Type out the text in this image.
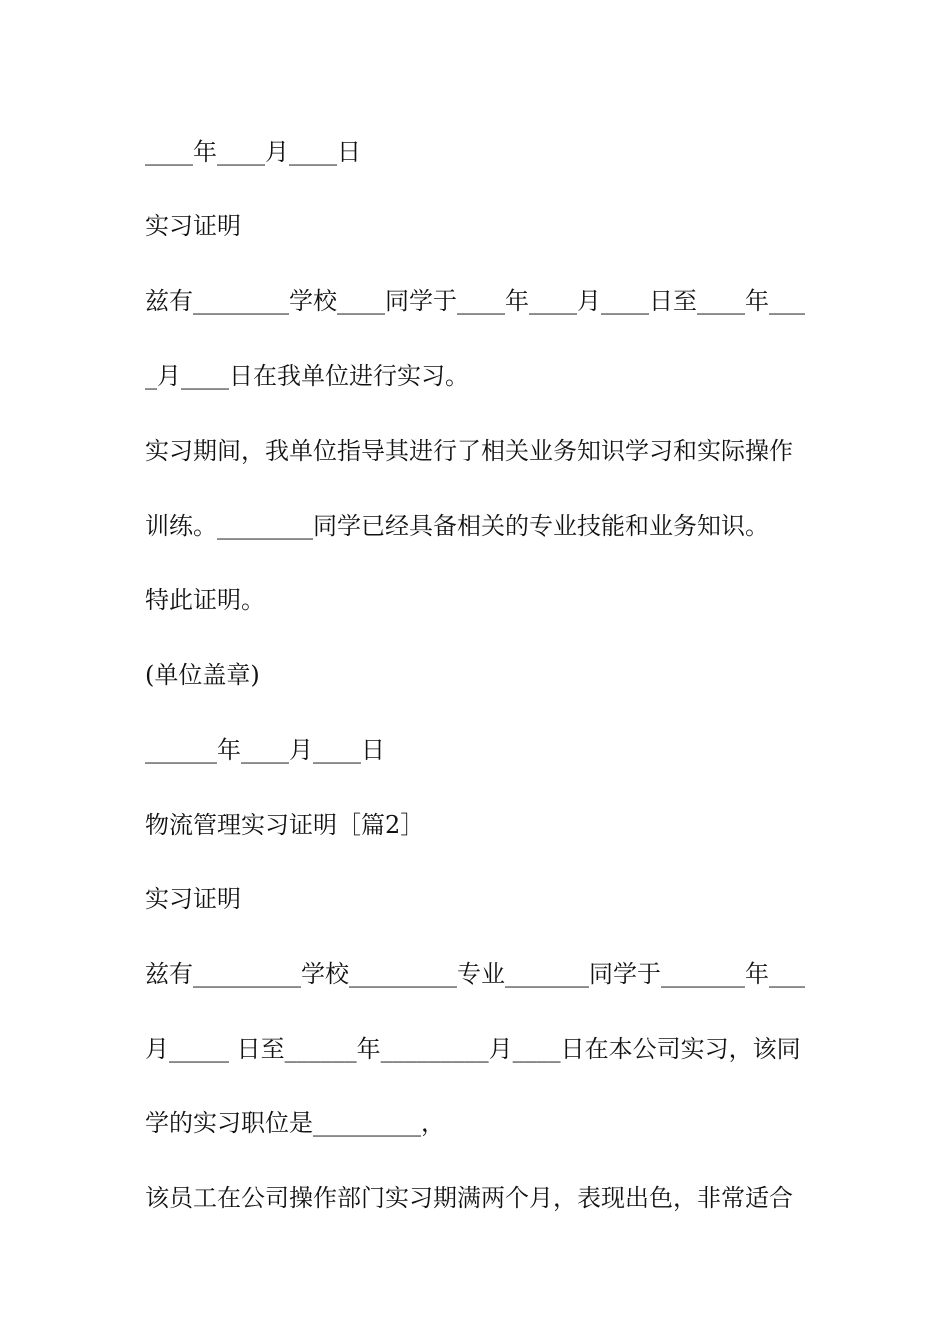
____年____月____日
实习证明
兹有________学校____同学于____年____月____日至____年___
_月____日在我单位进行实习。
实习期间，我单位指导其进行了相关业务知识学习和实际操作
训练。________同学已经具备相关的专业技能和业务知识。
特此证明。
(单位盖章)
______年____月____日
物流管理实习证明［篇2］
实习证明
兹有_________学校_________专业_______同学于_______年___
月_____ 日至______年_________月____日在本公司实习，该同
学的实习职位是_________，
该员工在公司操作部门实习期满两个月，表现出色，非常适合
